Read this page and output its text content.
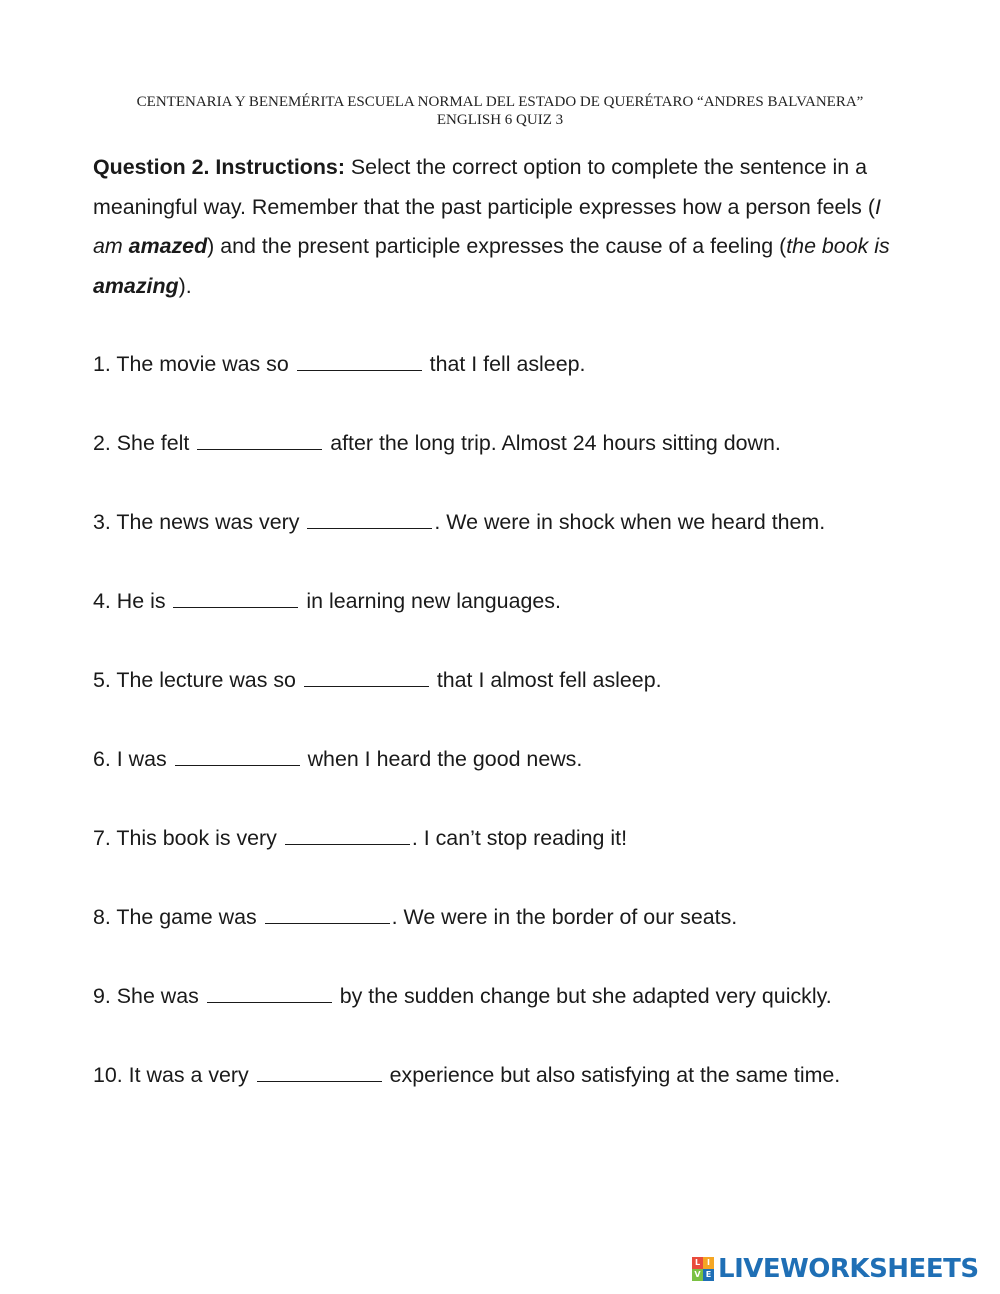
CENTENARIA Y BENEMÉRITA ESCUELA NORMAL DEL ESTADO DE QUERÉTARO “ANDRES BALVANERA”
ENGLISH 6 QUIZ 3
Question 2. Instructions: Select the correct option to complete the sentence in a meaningful way. Remember that the past participle expresses how a person feels (I am amazed) and the present participle expresses the cause of a feeling (the book is amazing).
1. The movie was so	that I fell asleep.
2. She felt	after the long trip. Almost 24 hours sitting down.
3. The news was very	. We were in shock when we heard them.
4. He is	in learning new languages.
5. The lecture was so	that I almost fell asleep.
6. I was	when I heard the good news.
7. This book is very	. I can’t stop reading it!
8. The game was	. We were in the border of our seats.
9. She was	by the sudden change but she adapted very quickly.
10. It was a very	experience but also satisfying at the same time.
L I
V E LIVEWORKSHEETS
